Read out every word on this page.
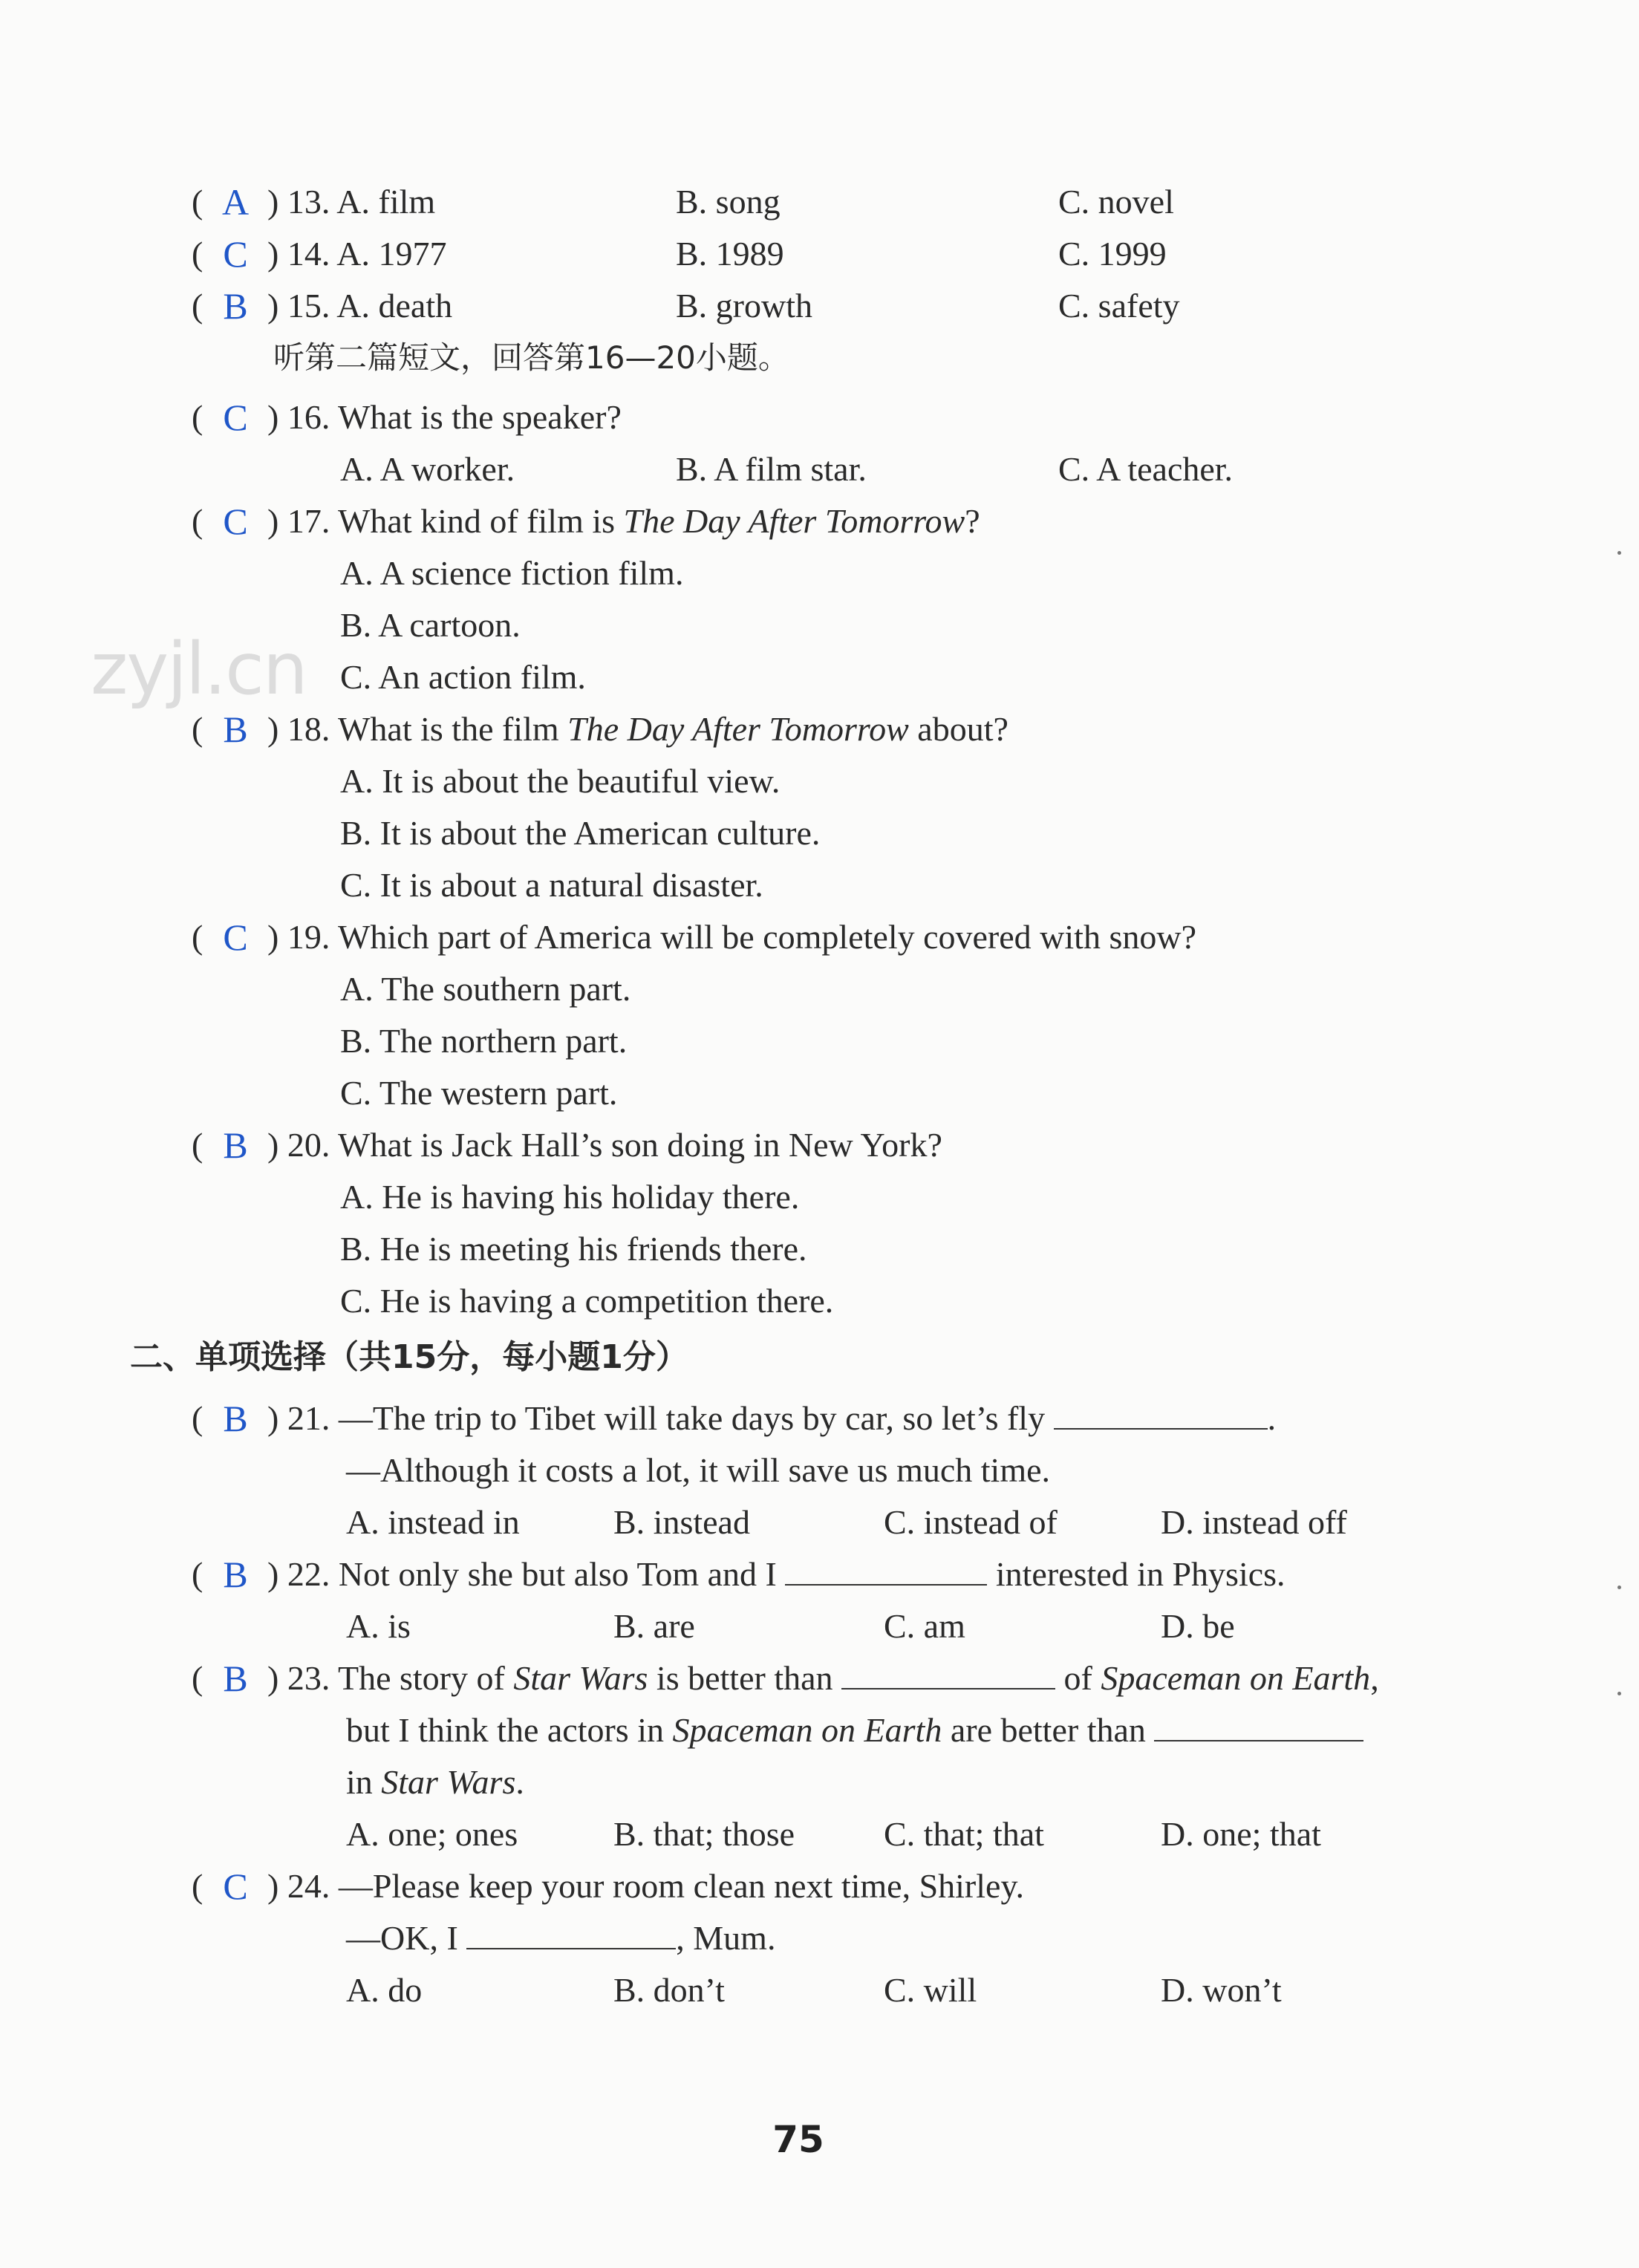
zyjl.cn
( A ) 13. A. film	B. song	C. novel
( C ) 14. A. 1977	B. 1989	C. 1999
( B ) 15. A. death	B. growth	C. safety
听第二篇短文，回答第16—20小题。
( C ) 16. What is the speaker?
A. A worker.	B. A film star.	C. A teacher.
( C ) 17. What kind of film is The Day After Tomorrow?
A. A science fiction film.
B. A cartoon.
C. An action film.
( B ) 18. What is the film The Day After Tomorrow about?
A. It is about the beautiful view.
B. It is about the American culture.
C. It is about a natural disaster.
( C ) 19. Which part of America will be completely covered with snow?
A. The southern part.
B. The northern part.
C. The western part.
( B ) 20. What is Jack Hall’s son doing in New York?
A. He is having his holiday there.
B. He is meeting his friends there.
C. He is having a competition there.
二、单项选择（共15分，每小题1分）
( B ) 21. —The trip to Tibet will take days by car, so let’s fly	.
—Although it costs a lot, it will save us much time.
A. instead in	B. instead	C. instead of	D. instead off
( B ) 22. Not only she but also Tom and I	interested in Physics.
A. is	B. are	C. am	D. be
( B ) 23. The story of Star Wars is better than	of Spaceman on Earth,
but I think the actors in Spaceman on Earth are better than
in Star Wars.
A. one; ones	B. that; those	C. that; that	D. one; that
( C ) 24. —Please keep your room clean next time, Shirley.
—OK, I	, Mum.
A. do	B. don’t	C. will	D. won’t
75
